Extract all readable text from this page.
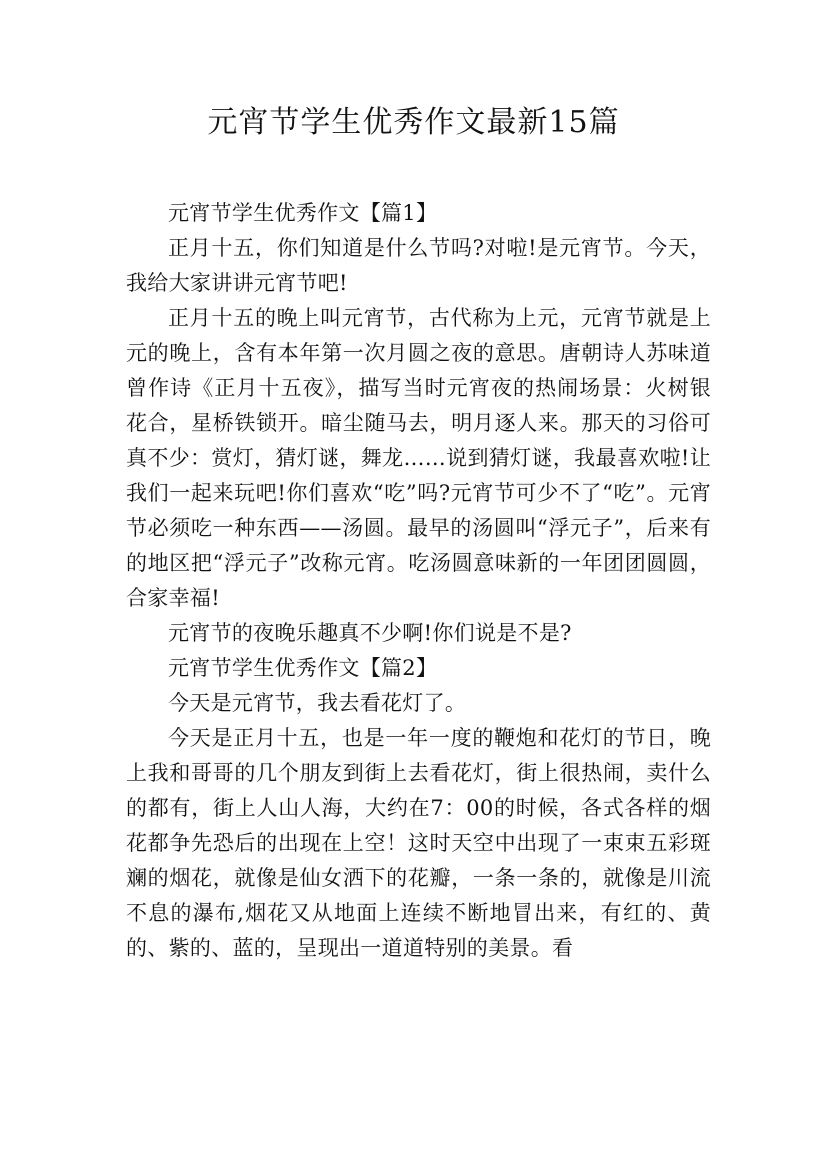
元宵节学生优秀作文最新15篇

元宵节学生优秀作文【篇1】

正月十五，你们知道是什么节吗?对啦!是元宵节。今天，我给大家讲讲元宵节吧!

正月十五的晚上叫元宵节，古代称为上元，元宵节就是上元的晚上，含有本年第一次月圆之夜的意思。唐朝诗人苏味道曾作诗《正月十五夜》，描写当时元宵夜的热闹场景：火树银花合，星桥铁锁开。暗尘随马去，明月逐人来。那天的习俗可真不少：赏灯，猜灯谜，舞龙……说到猜灯谜，我最喜欢啦!让我们一起来玩吧!你们喜欢“吃”吗?元宵节可少不了“吃”。元宵节必须吃一种东西——汤圆。最早的汤圆叫“浮元子”，后来有的地区把“浮元子”改称元宵。吃汤圆意味新的一年团团圆圆，合家幸福!

元宵节的夜晚乐趣真不少啊!你们说是不是?

元宵节学生优秀作文【篇2】

今天是元宵节，我去看花灯了。

今天是正月十五，也是一年一度的鞭炮和花灯的节日，晚上我和哥哥的几个朋友到街上去看花灯，街上很热闹，卖什么的都有，街上人山人海，大约在7：00的时候，各式各样的烟花都争先恐后的出现在上空！这时天空中出现了一束束五彩斑斓的烟花，就像是仙女洒下的花瓣，一条一条的，就像是川流不息的瀑布,烟花又从地面上连续不断地冒出来，有红的、黄的、紫的、蓝的，呈现出一道道特别的美景。看
